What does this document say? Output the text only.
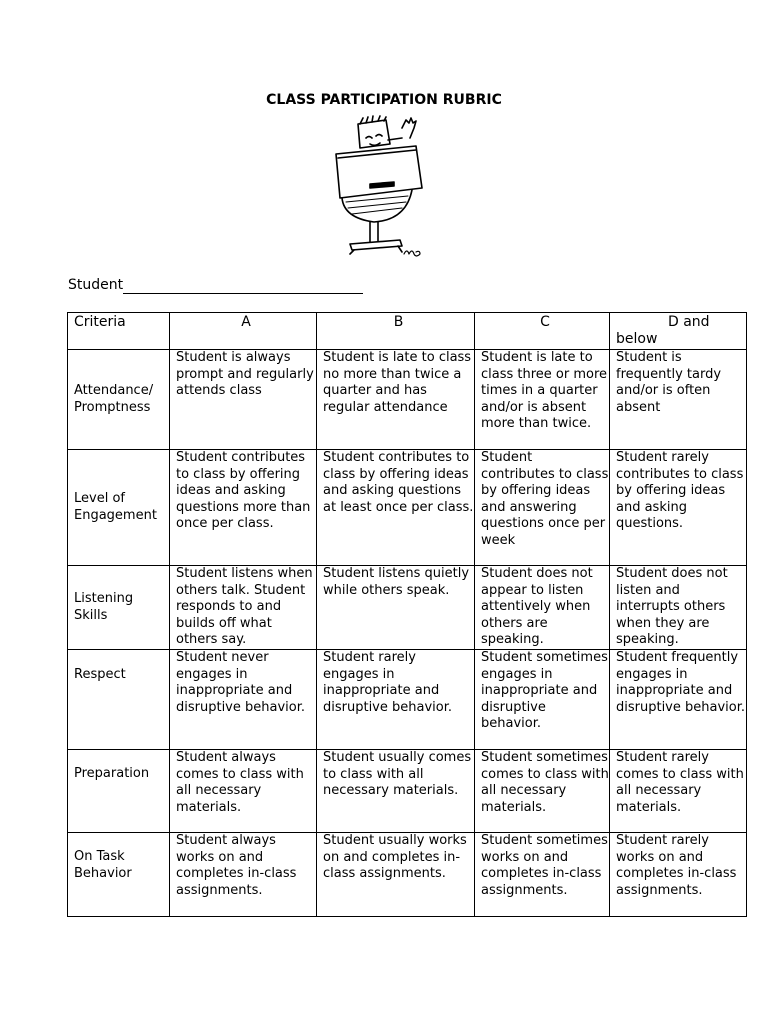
CLASS PARTICIPATION RUBRIC
Student
Criteria	A	B	C	D and below
Attendance/ Promptness	Student is always prompt and regularly attends class	Student is late to class no more than twice a quarter and has regular attendance	Student is late to class three or more times in a quarter and/or is absent more than twice.	Student is frequently tardy and/or is often absent
Level of Engagement	Student contributes to class by offering ideas and asking questions more than once per class.	Student contributes to class by offering ideas and asking questions at least once per class.	Student contributes to class by offering ideas and answering questions once per week	Student rarely contributes to class by offering ideas and asking questions.
Listening Skills	Student listens when others talk. Student responds to and builds off what others say.	Student listens quietly while others speak.	Student does not appear to listen attentively when others are speaking.	Student does not listen and interrupts others when they are speaking.
Respect	Student never engages in inappropriate and disruptive behavior.	Student rarely engages in inappropriate and disruptive behavior.	Student sometimes engages in inappropriate and disruptive behavior.	Student frequently engages in inappropriate and disruptive behavior.
Preparation	Student always comes to class with all necessary materials.	Student usually comes to class with all necessary materials.	Student sometimes comes to class with all necessary materials.	Student rarely comes to class with all necessary materials.
On Task Behavior	Student always works on and completes in-class assignments.	Student usually works on and completes in-class assignments.	Student sometimes works on and completes in-class assignments.	Student rarely works on and completes in-class assignments.
